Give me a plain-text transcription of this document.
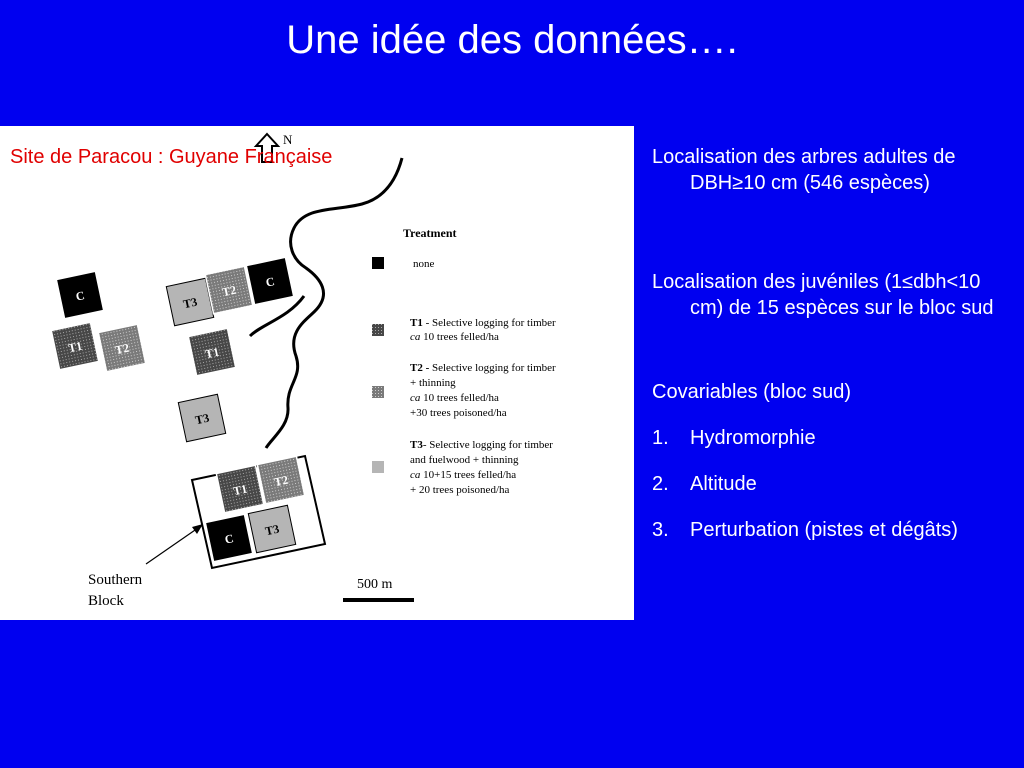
Une idée des données….
Site de Paracou : Guyane Française
N
C
T1	T2
T3
T2
C
T1
T3
T1
T2
C
T3
Southern
Block
500 m
Treatment
none
T1 - Selective logging for timber
ca 10 trees felled/ha
T2 - Selective logging for timber
+ thinning
ca 10 trees felled/ha
+30 trees poisoned/ha
T3- Selective logging for timber
and fuelwood + thinning
ca 10+15 trees felled/ha
+ 20 trees poisoned/ha

Localisation des arbres adultes de DBH≥10 cm (546 espèces)

Localisation des juvéniles (1≤dbh<10 cm) de 15 espèces sur le bloc sud

Covariables (bloc sud)
1. Hydromorphie
2. Altitude
3. Perturbation (pistes et dégâts)
